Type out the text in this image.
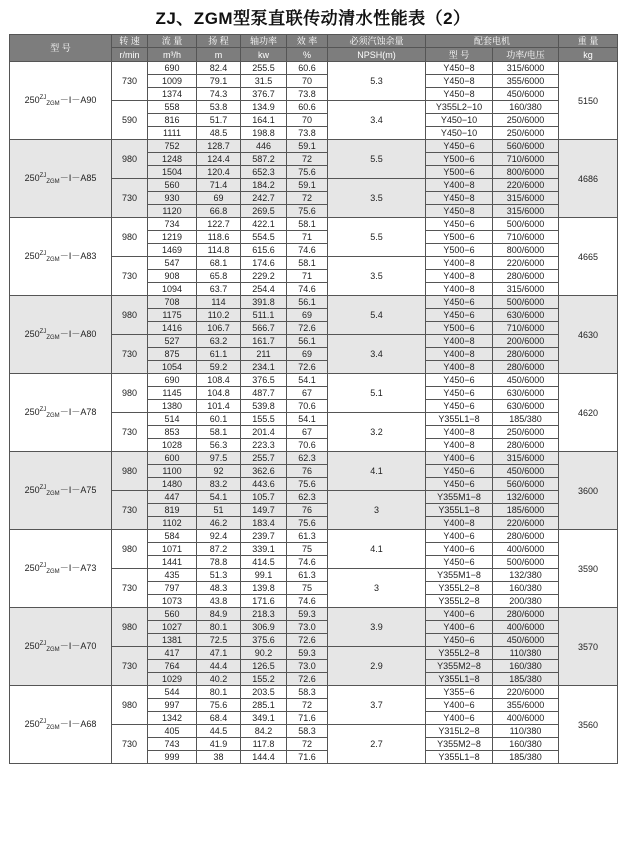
ZJ、ZGM型泵直联传动清水性能表（2）
型 号	转 速	流 量	扬 程	轴功率	效 率	必须汽蚀余量	配套电机		重 量
	r/min	m³/h	m	kw	%	NPSH(m)	型 号	功率/电压	kg
$250^{ZJ}_{ZGM}-Ⅰ-A90$	730	690	82.4	255.5	60.6	5.3	Y450−8	315/6000	5150
		1009	79.1	31.5	70		Y450−8	355/6000	
		1374	74.3	376.7	73.8		Y450−8	450/6000	
	590	558	53.8	134.9	60.6	3.4	Y355L2−10	160/380	
		816	51.7	164.1	70		Y450−10	250/6000	
		1111	48.5	198.8	73.8		Y450−10	250/6000	
$250^{ZJ}_{ZGM}-Ⅰ-A85$	980	752	128.7	446	59.1	5.5	Y450−6	560/6000	4686
		1248	124.4	587.2	72		Y500−6	710/6000	
		1504	120.4	652.3	75.6		Y500−6	800/6000	
	730	560	71.4	184.2	59.1	3.5	Y400−8	220/6000	
		930	69	242.7	72		Y450−8	315/6000	
		1120	66.8	269.5	75.6		Y450−8	315/6000	
$250^{ZJ}_{ZGM}-Ⅰ-A83$	980	734	122.7	422.1	58.1	5.5	Y450−6	500/6000	4665
		1219	118.6	554.5	71		Y500−6	710/6000	
		1469	114.8	615.6	74.6		Y500−6	800/6000	
	730	547	68.1	174.6	58.1	3.5	Y400−8	220/6000	
		908	65.8	229.2	71		Y400−8	280/6000	
		1094	63.7	254.4	74.6		Y400−8	315/6000	
$250^{ZJ}_{ZGM}-Ⅰ-A80$	980	708	114	391.8	56.1	5.4	Y450−6	500/6000	4630
		1175	110.2	511.1	69		Y450−6	630/6000	
		1416	106.7	566.7	72.6		Y500−6	710/6000	
	730	527	63.2	161.7	56.1	3.4	Y400−8	200/6000	
		875	61.1	211	69		Y400−8	280/6000	
		1054	59.2	234.1	72.6		Y400−8	280/6000	
$250^{ZJ}_{ZGM}-Ⅰ-A78$	980	690	108.4	376.5	54.1	5.1	Y450−6	450/6000	4620
		1145	104.8	487.7	67		Y450−6	630/6000	
		1380	101.4	539.8	70.6		Y450−6	630/6000	
	730	514	60.1	155.5	54.1	3.2	Y355L1−8	185/380	
		853	58.1	201.4	67		Y400−8	250/6000	
		1028	56.3	223.3	70.6		Y400−8	280/6000	
$250^{ZJ}_{ZGM}-Ⅰ-A75$	980	600	97.5	255.7	62.3	4.1	Y400−6	315/6000	3600
		1100	92	362.6	76		Y450−6	450/6000	
		1480	83.2	443.6	75.6		Y450−6	560/6000	
	730	447	54.1	105.7	62.3	3	Y355M1−8	132/6000	
		819	51	149.7	76		Y355L1−8	185/6000	
		1102	46.2	183.4	75.6		Y400−8	220/6000	
$250^{ZJ}_{ZGM}-Ⅰ-A73$	980	584	92.4	239.7	61.3	4.1	Y400−6	280/6000	3590
		1071	87.2	339.1	75		Y400−6	400/6000	
		1441	78.8	414.5	74.6		Y450−6	500/6000	
	730	435	51.3	99.1	61.3	3	Y355M1−8	132/380	
		797	48.3	139.8	75		Y355L2−8	160/380	
		1073	43.8	171.6	74.6		Y355L2−8	200/380	
$250^{ZJ}_{ZGM}-Ⅰ-A70$	980	560	84.9	218.3	59.3	3.9	Y400−6	280/6000	3570
		1027	80.1	306.9	73.0		Y400−6	400/6000	
		1381	72.5	375.6	72.6		Y450−6	450/6000	
	730	417	47.1	90.2	59.3	2.9	Y355L2−8	110/380	
		764	44.4	126.5	73.0		Y355M2−8	160/380	
		1029	40.2	155.2	72.6		Y355L1−8	185/380	
$250^{ZJ}_{ZGM}-Ⅰ-A68$	980	544	80.1	203.5	58.3	3.7	Y355−6	220/6000	3560
		997	75.6	285.1	72		Y400−6	355/6000	
		1342	68.4	349.1	71.6		Y400−6	400/6000	
	730	405	44.5	84.2	58.3	2.7	Y315L2−8	110/380	
		743	41.9	117.8	72		Y355M2−8	160/380	
		999	38	144.4	71.6		Y355L1−8	185/380	
